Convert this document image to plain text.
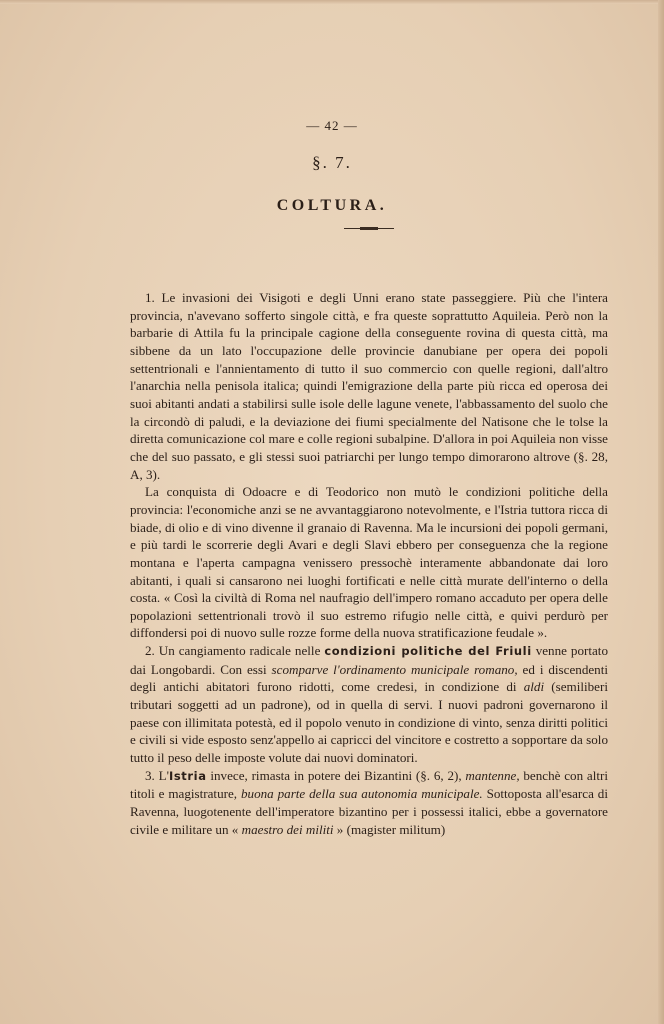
— 42 —
§. 7.
COLTURA.

1. Le invasioni dei Visigoti e degli Unni erano state passeggiere. Più che l'intera provincia, n'avevano sofferto singole città, e fra queste soprattutto Aquileia. Però non la barbarie di Attila fu la principale cagione della conseguente rovina di questa città, ma sibbene da un lato l'occupazione delle provincie danubiane per opera dei popoli settentrionali e l'annientamento di tutto il suo commercio con quelle regioni, dall'altro l'anarchia nella penisola italica; quindi l'emigrazione della parte più ricca ed operosa dei suoi abitanti andati a stabilirsi sulle isole delle lagune venete, l'abbassamento del suolo che la circondò di paludi, e la deviazione dei fiumi specialmente del Natisone che le tolse la diretta comunicazione col mare e colle regioni subalpine. D'allora in poi Aquileia non visse che del suo passato, e gli stessi suoi patriarchi per lungo tempo dimorarono altrove (§. 28, A, 3).

La conquista di Odoacre e di Teodorico non mutò le condizioni politiche della provincia: l'economiche anzi se ne avvantaggiarono notevolmente, e l'Istria tuttora ricca di biade, di olio e di vino divenne il granaio di Ravenna. Ma le incursioni dei popoli germani, e più tardi le scorrerie degli Avari e degli Slavi ebbero per conseguenza che la regione montana e l'aperta campagna venissero pressochè interamente abbandonate dai loro abitanti, i quali si cansarono nei luoghi fortificati e nelle città murate dell'interno o della costa. « Così la civiltà di Roma nel naufragio dell'impero romano accaduto per opera delle popolazioni settentrionali trovò il suo estremo rifugio nelle città, e quivi perdurò per diffondersi poi di nuovo sulle rozze forme della nuova stratificazione feudale ».

2. Un cangiamento radicale nelle condizioni politiche del Friuli venne portato dai Longobardi. Con essi scomparve l'ordinamento municipale romano, ed i discendenti degli antichi abitatori furono ridotti, come credesi, in condizione di aldi (semiliberi tributari soggetti ad un padrone), od in quella di servi. I nuovi padroni governarono il paese con illimitata potestà, ed il popolo venuto in condizione di vinto, senza diritti politici e civili si vide esposto senz'appello ai capricci del vincitore e costretto a sopportare da solo tutto il peso delle imposte volute dai nuovi dominatori.

3. L'Istria invece, rimasta in potere dei Bizantini (§. 6, 2), mantenne, benchè con altri titoli e magistrature, buona parte della sua autonomia municipale. Sottoposta all'esarca di Ravenna, luogotenente dell'imperatore bizantino per i possessi italici, ebbe a governatore civile e militare un « maestro dei militi » (magister militum)
